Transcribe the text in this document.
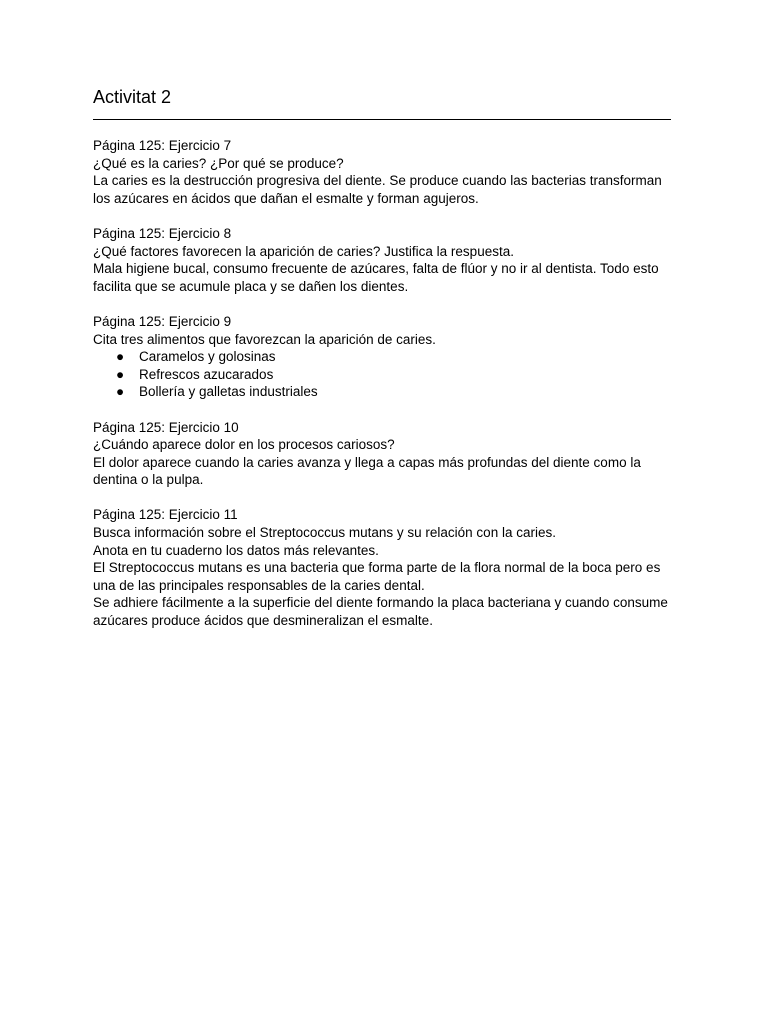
Activitat 2

Página 125: Ejercicio 7

¿Qué es la caries? ¿Por qué se produce?

La caries es la destrucción progresiva del diente. Se produce cuando las bacterias transforman los azúcares en ácidos que dañan el esmalte y forman agujeros.

Página 125: Ejercicio 8

¿Qué factores favorecen la aparición de caries? Justifica la respuesta.

Mala higiene bucal, consumo frecuente de azúcares, falta de flúor y no ir al dentista. Todo esto facilita que se acumule placa y se dañen los dientes.

Página 125: Ejercicio 9

Cita tres alimentos que favorezcan la aparición de caries.

● Caramelos y golosinas
● Refrescos azucarados
● Bollería y galletas industriales

Página 125: Ejercicio 10

¿Cuándo aparece dolor en los procesos cariosos?

El dolor aparece cuando la caries avanza y llega a capas más profundas del diente como la dentina o la pulpa.

Página 125: Ejercicio 11

Busca información sobre el Streptococcus mutans y su relación con la caries.

Anota en tu cuaderno los datos más relevantes.

El Streptococcus mutans es una bacteria que forma parte de la flora normal de la boca pero es una de las principales responsables de la caries dental.

Se adhiere fácilmente a la superficie del diente formando la placa bacteriana y cuando consume azúcares produce ácidos que desmineralizan el esmalte.
